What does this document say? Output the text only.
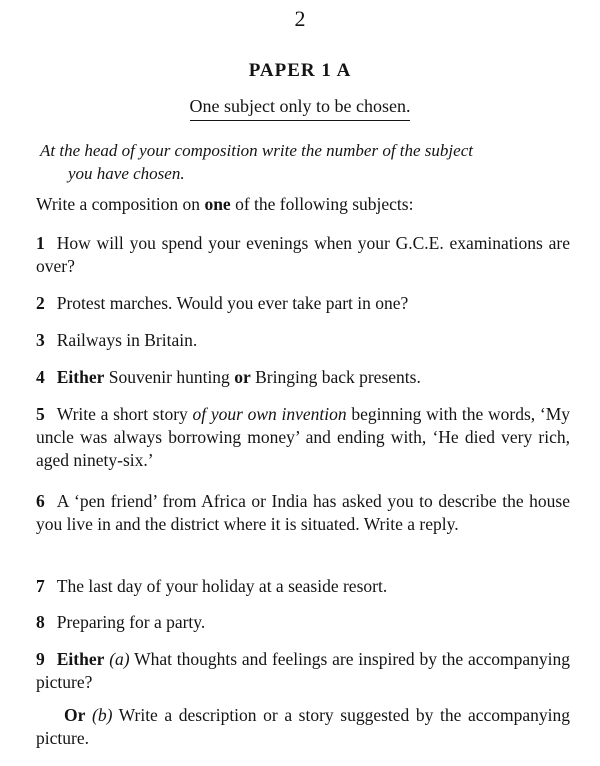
2
PAPER 1 A
One subject only to be chosen.
At the head of your composition write the number of the subject
you have chosen.
Write a composition on one of the following subjects:
1 How will you spend your evenings when your G.C.E. examinations are over?
2 Protest marches. Would you ever take part in one?
3 Railways in Britain.
4 Either Souvenir hunting or Bringing back presents.
5 Write a short story of your own invention beginning with the words, ‘My uncle was always borrowing money’ and ending with, ‘He died very rich, aged ninety-six.’
6 A ‘pen friend’ from Africa or India has asked you to describe the house you live in and the district where it is situated. Write a reply.
7 The last day of your holiday at a seaside resort.
8 Preparing for a party.
9 Either (a) What thoughts and feelings are inspired by the accompanying picture?
Or (b) Write a description or a story suggested by the accompanying picture.
